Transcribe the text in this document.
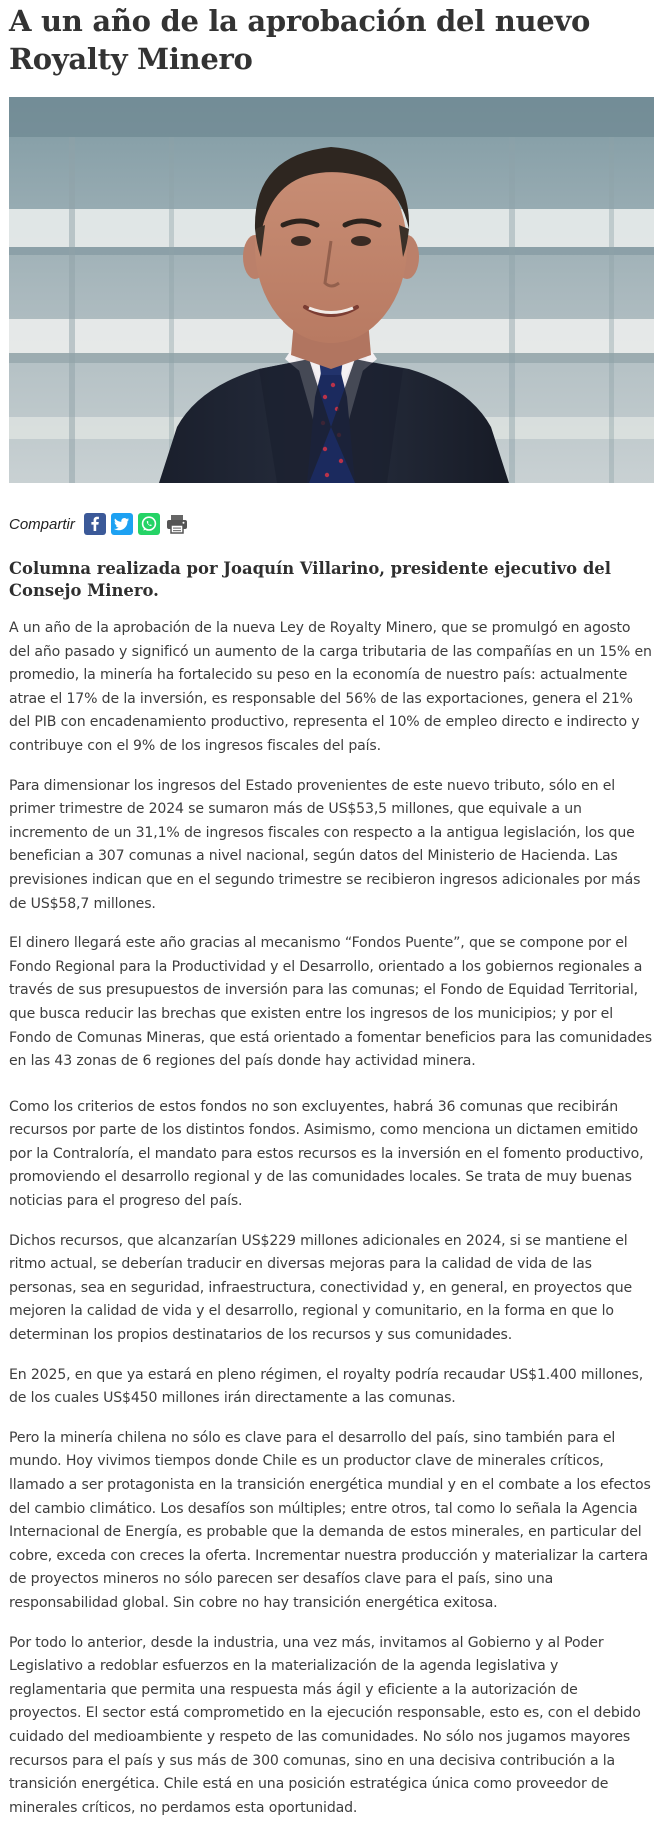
A un año de la aprobación del nuevo Royalty Minero
Compartir
Columna realizada por Joaquín Villarino, presidente ejecutivo del Consejo Minero.

A un año de la aprobación de la nueva Ley de Royalty Minero, que se promulgó en agosto del año pasado y significó un aumento de la carga tributaria de las compañías en un 15% en promedio, la minería ha fortalecido su peso en la economía de nuestro país: actualmente atrae el 17% de la inversión, es responsable del 56% de las exportaciones, genera el 21% del PIB con encadenamiento productivo, representa el 10% de empleo directo e indirecto y contribuye con el 9% de los ingresos fiscales del país.

Para dimensionar los ingresos del Estado provenientes de este nuevo tributo, sólo en el primer trimestre de 2024 se sumaron más de US$53,5 millones, que equivale a un incremento de un 31,1% de ingresos fiscales con respecto a la antigua legislación, los que benefician a 307 comunas a nivel nacional, según datos del Ministerio de Hacienda. Las previsiones indican que en el segundo trimestre se recibieron ingresos adicionales por más de US$58,7 millones.

El dinero llegará este año gracias al mecanismo “Fondos Puente”, que se compone por el Fondo Regional para la Productividad y el Desarrollo, orientado a los gobiernos regionales a través de sus presupuestos de inversión para las comunas; el Fondo de Equidad Territorial, que busca reducir las brechas que existen entre los ingresos de los municipios; y por el Fondo de Comunas Mineras, que está orientado a fomentar beneficios para las comunidades en las 43 zonas de 6 regiones del país donde hay actividad minera.

Como los criterios de estos fondos no son excluyentes, habrá 36 comunas que recibirán recursos por parte de los distintos fondos. Asimismo, como menciona un dictamen emitido por la Contraloría, el mandato para estos recursos es la inversión en el fomento productivo, promoviendo el desarrollo regional y de las comunidades locales. Se trata de muy buenas noticias para el progreso del país.

Dichos recursos, que alcanzarían US$229 millones adicionales en 2024, si se mantiene el ritmo actual, se deberían traducir en diversas mejoras para la calidad de vida de las personas, sea en seguridad, infraestructura, conectividad y, en general, en proyectos que mejoren la calidad de vida y el desarrollo, regional y comunitario, en la forma en que lo determinan los propios destinatarios de los recursos y sus comunidades.

En 2025, en que ya estará en pleno régimen, el royalty podría recaudar US$1.400 millones, de los cuales US$450 millones irán directamente a las comunas.

Pero la minería chilena no sólo es clave para el desarrollo del país, sino también para el mundo. Hoy vivimos tiempos donde Chile es un productor clave de minerales críticos, llamado a ser protagonista en la transición energética mundial y en el combate a los efectos del cambio climático. Los desafíos son múltiples; entre otros, tal como lo señala la Agencia Internacional de Energía, es probable que la demanda de estos minerales, en particular del cobre, exceda con creces la oferta. Incrementar nuestra producción y materializar la cartera de proyectos mineros no sólo parecen ser desafíos clave para el país, sino una responsabilidad global. Sin cobre no hay transición energética exitosa.

Por todo lo anterior, desde la industria, una vez más, invitamos al Gobierno y al Poder Legislativo a redoblar esfuerzos en la materialización de la agenda legislativa y reglamentaria que permita una respuesta más ágil y eficiente a la autorización de proyectos. El sector está comprometido en la ejecución responsable, esto es, con el debido cuidado del medioambiente y respeto de las comunidades. No sólo nos jugamos mayores recursos para el país y sus más de 300 comunas, sino en una decisiva contribución a la transición energética. Chile está en una posición estratégica única como proveedor de minerales críticos, no perdamos esta oportunidad.
